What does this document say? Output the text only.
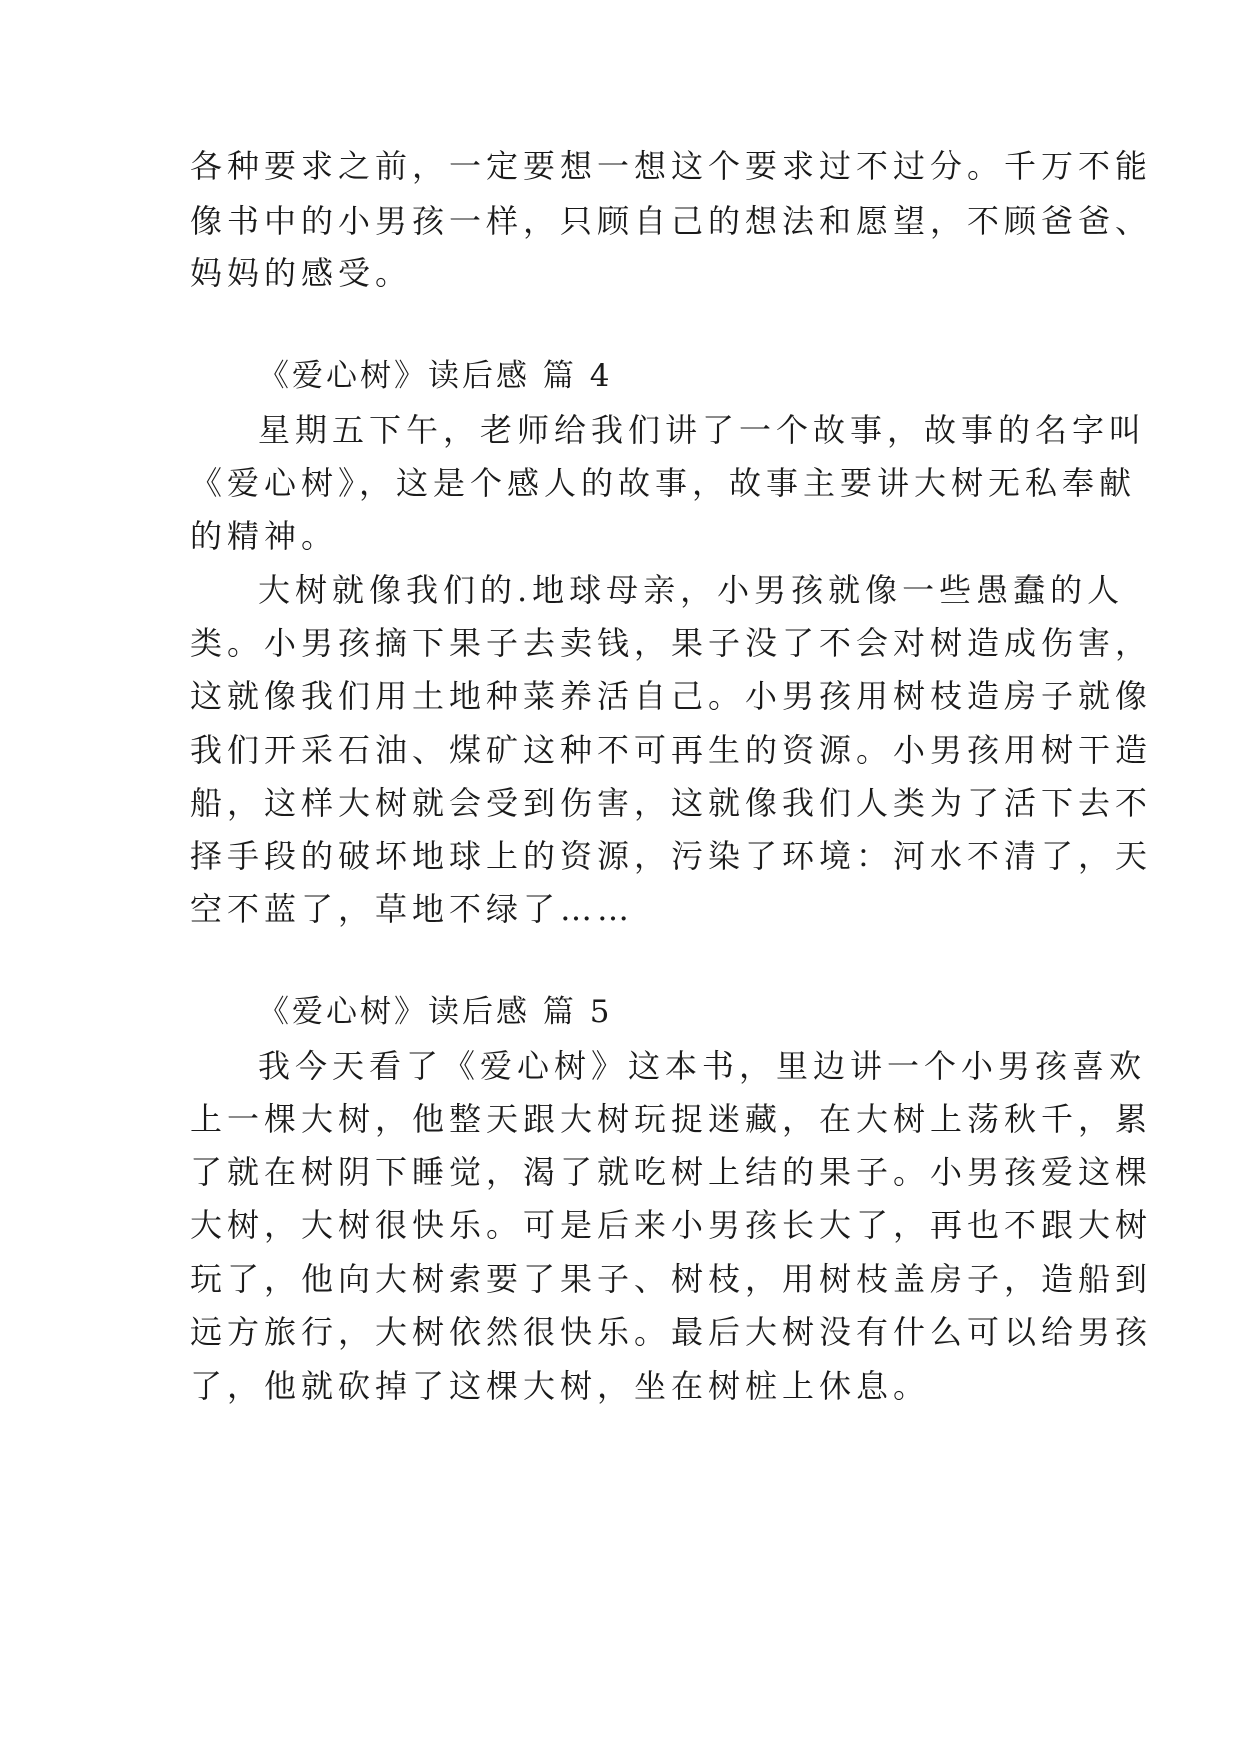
各种要求之前，一定要想一想这个要求过不过分。千万不能

像书中的小男孩一样，只顾自己的想法和愿望，不顾爸爸、

妈妈的感受。

《爱心树》读后感 篇 4

星期五下午，老师给我们讲了一个故事，故事的名字叫

《爱心树》，这是个感人的故事，故事主要讲大树无私奉献

的精神。

大树就像我们的.地球母亲，小男孩就像一些愚蠢的人

类。小男孩摘下果子去卖钱，果子没了不会对树造成伤害，

这就像我们用土地种菜养活自己。小男孩用树枝造房子就像

我们开采石油、煤矿这种不可再生的资源。小男孩用树干造

船，这样大树就会受到伤害，这就像我们人类为了活下去不

择手段的破坏地球上的资源，污染了环境：河水不清了，天

空不蓝了，草地不绿了……

《爱心树》读后感 篇 5

我今天看了《爱心树》这本书，里边讲一个小男孩喜欢

上一棵大树，他整天跟大树玩捉迷藏，在大树上荡秋千，累

了就在树阴下睡觉，渴了就吃树上结的果子。小男孩爱这棵

大树，大树很快乐。可是后来小男孩长大了，再也不跟大树

玩了，他向大树索要了果子、树枝，用树枝盖房子，造船到

远方旅行，大树依然很快乐。最后大树没有什么可以给男孩

了，他就砍掉了这棵大树，坐在树桩上休息。
